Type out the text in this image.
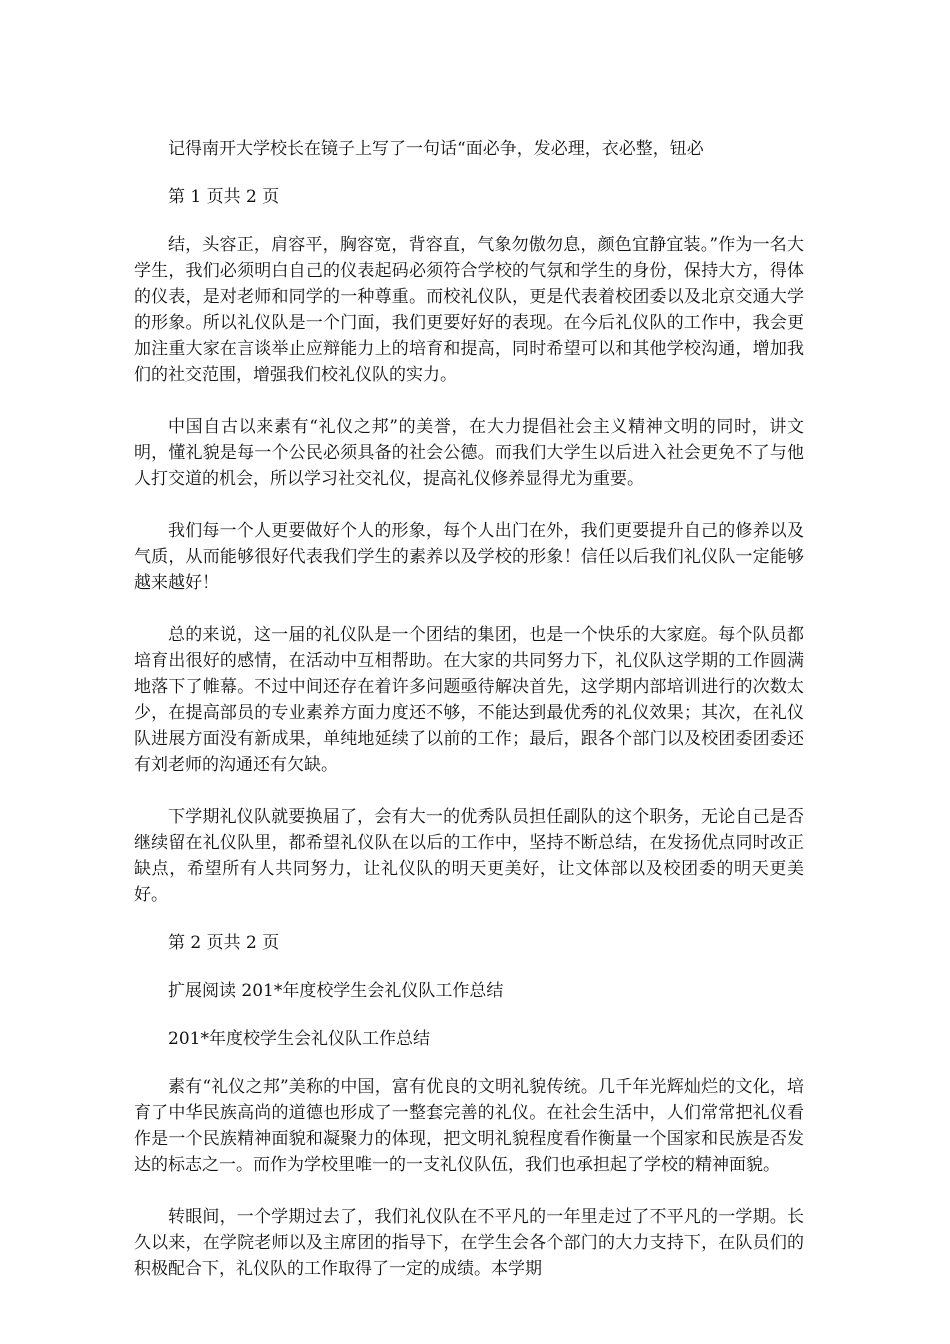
记得南开大学校长在镜子上写了一句话“面必争，发必理，衣必整，钮必

第 1 页共 2 页

结，头容正，肩容平，胸容宽，背容直，气象勿傲勿息，颜色宜静宜装。”作为一名大学生，我们必须明白自己的仪表起码必须符合学校的气氛和学生的身份，保持大方，得体的仪表，是对老师和同学的一种尊重。而校礼仪队，更是代表着校团委以及北京交通大学的形象。所以礼仪队是一个门面，我们更要好好的表现。在今后礼仪队的工作中，我会更加注重大家在言谈举止应辩能力上的培育和提高，同时希望可以和其他学校沟通，增加我们的社交范围，增强我们校礼仪队的实力。

中国自古以来素有“礼仪之邦”的美誉，在大力提倡社会主义精神文明的同时，讲文明，懂礼貌是每一个公民必须具备的社会公德。而我们大学生以后进入社会更免不了与他人打交道的机会，所以学习社交礼仪，提高礼仪修养显得尤为重要。

我们每一个人更要做好个人的形象，每个人出门在外，我们更要提升自己的修养以及气质，从而能够很好代表我们学生的素养以及学校的形象！信任以后我们礼仪队一定能够越来越好！

总的来说，这一届的礼仪队是一个团结的集团，也是一个快乐的大家庭。每个队员都培育出很好的感情，在活动中互相帮助。在大家的共同努力下，礼仪队这学期的工作圆满地落下了帷幕。不过中间还存在着许多问题亟待解决首先，这学期内部培训进行的次数太少，在提高部员的专业素养方面力度还不够，不能达到最优秀的礼仪效果；其次，在礼仪队进展方面没有新成果，单纯地延续了以前的工作；最后，跟各个部门以及校团委团委还有刘老师的沟通还有欠缺。

下学期礼仪队就要换届了，会有大一的优秀队员担任副队的这个职务，无论自己是否继续留在礼仪队里，都希望礼仪队在以后的工作中，坚持不断总结，在发扬优点同时改正缺点，希望所有人共同努力，让礼仪队的明天更美好，让文体部以及校团委的明天更美好。

第 2 页共 2 页

扩展阅读 201*年度校学生会礼仪队工作总结

201*年度校学生会礼仪队工作总结

素有“礼仪之邦”美称的中国，富有优良的文明礼貌传统。几千年光辉灿烂的文化，培育了中华民族高尚的道德也形成了一整套完善的礼仪。在社会生活中，人们常常把礼仪看作是一个民族精神面貌和凝聚力的体现，把文明礼貌程度看作衡量一个国家和民族是否发达的标志之一。而作为学校里唯一的一支礼仪队伍，我们也承担起了学校的精神面貌。

转眼间，一个学期过去了，我们礼仪队在不平凡的一年里走过了不平凡的一学期。长久以来，在学院老师以及主席团的指导下，在学生会各个部门的大力支持下，在队员们的积极配合下，礼仪队的工作取得了一定的成绩。本学期
